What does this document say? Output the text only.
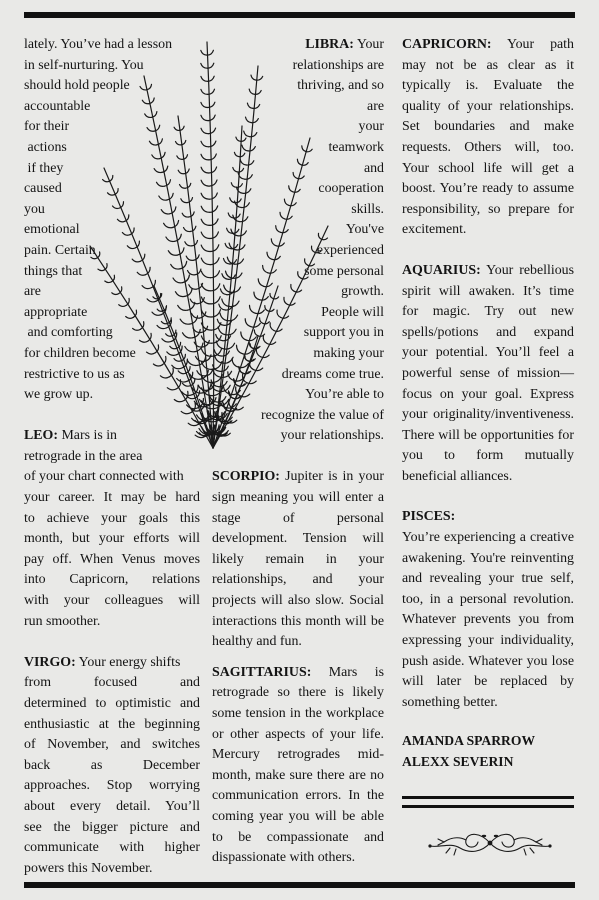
lately. You’ve had a lesson
in self-nurturing. You
should hold people
accountable
for their
actions
if they
caused
you
emotional
pain. Certain
things that
are
appropriate
and comforting
for children become
restrictive to us as
we grow up.
LEO: Mars is in
retrograde in the area
of your chart connected with
your career. It may be hard
to achieve your goals this
month, but your efforts will
pay off. When Venus moves
into Capricorn, relations
with your colleagues will
run smoother.
VIRGO: Your energy shifts
from focused and
determined to optimistic and
enthusiastic at the beginning
of November, and switches
back as December
approaches. Stop worrying
about every detail. You’ll
see the bigger picture and
communicate with higher
powers this November.
LIBRA: Your
relationships are
thriving, and so
are
your
teamwork
and
cooperation
skills.
You've
experienced
some personal
growth.
People will
support you in
making your
dreams come true.
You’re able to
recognize the value of
your relationships.

SCORPIO: Jupiter is in your sign meaning you will enter a stage of personal development. Tension will likely remain in your relationships, and your projects will also slow. Social interactions this month will be healthy and fun.

SAGITTARIUS: Mars is retrograde so there is likely some tension in the workplace or other aspects of your life. Mercury retrogrades mid-month, make sure there are no communication errors. In the coming year you will be able to be compassionate and dispassionate with others.

CAPRICORN: Your path may not be as clear as it typically is. Evaluate the quality of your relationships. Set boundaries and make requests. Others will, too. Your school life will get a boost. You’re ready to assume responsibility, so prepare for excitement.

AQUARIUS: Your rebellious spirit will awaken. It’s time for magic. Try out new spells/potions and expand your potential. You’ll feel a powerful sense of mission—focus on your goal. Express your originality/inventiveness. There will be opportunities for you to form mutually beneficial alliances.

PISCES:

You’re experiencing a creative awakening. You're reinventing and revealing your true self, too, in a personal revolution. Whatever prevents you from expressing your individuality, push aside. Whatever you lose will later be replaced by something better.

AMANDA SPARROW

ALEXX SEVERIN
